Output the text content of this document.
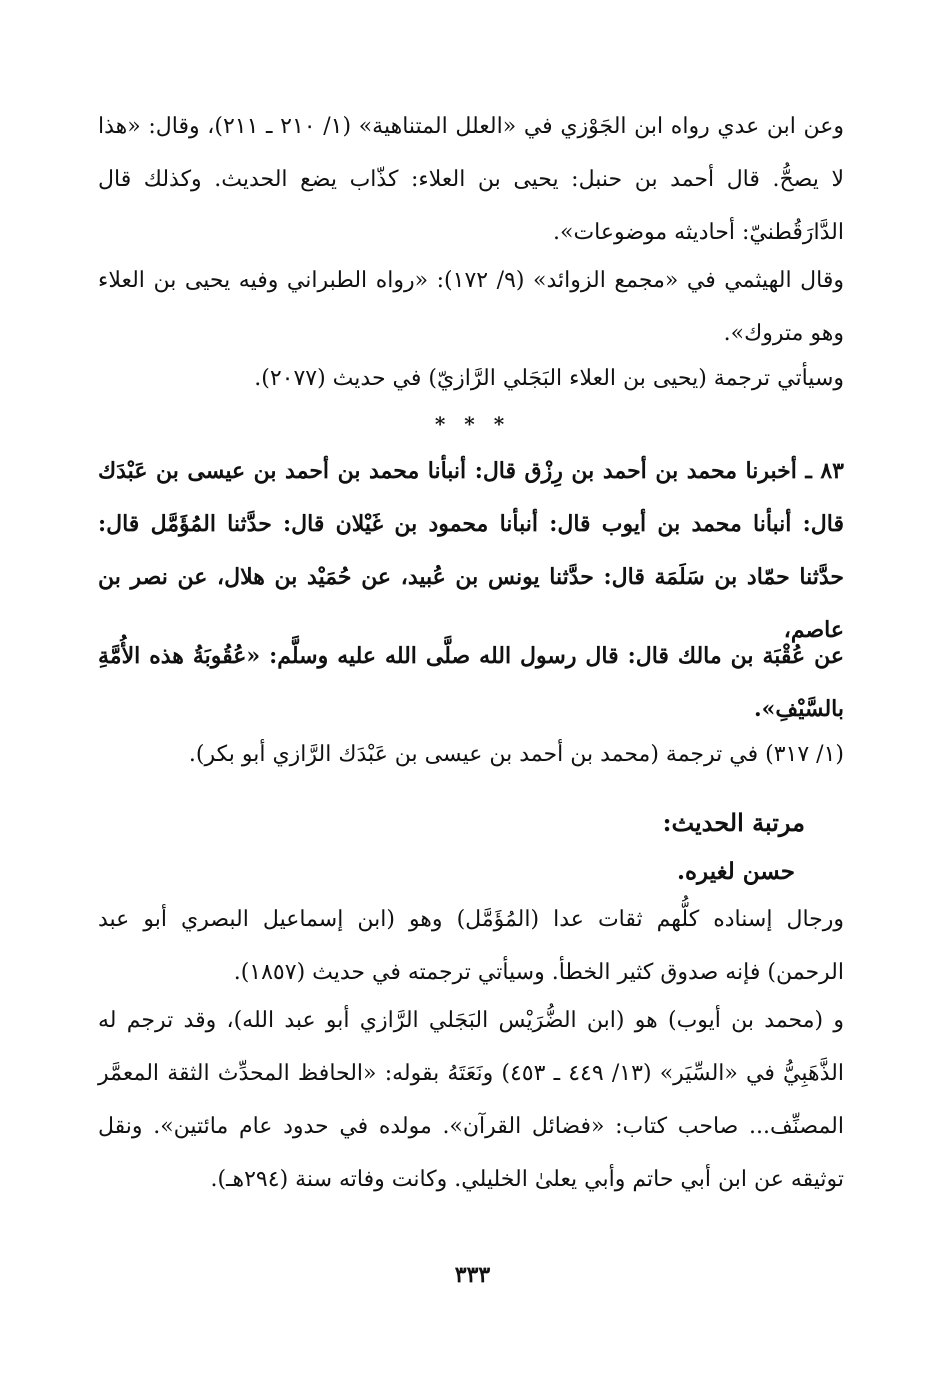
وعن ابن عدي رواه ابن الجَوْزي في «العلل المتناهية» (١/ ٢١٠ ـ ٢١١)، وقال: «هذا لا يصحُّ. قال أحمد بن حنبل: يحيى بن العلاء: كذّاب يضع الحديث. وكذلك قال الدَّارَقُطنيّ: أحاديثه موضوعات».

وقال الهيثمي في «مجمع الزوائد» (٩/ ١٧٢): «رواه الطبراني وفيه يحيى بن العلاء وهو متروك».

وسيأتي ترجمة (يحيى بن العلاء البَجَلي الرَّازيّ) في حديث (٢٠٧٧).

* * *

٨٣ ـ أخبرنا محمد بن أحمد بن رِزْق قال: أنبأنا محمد بن أحمد بن عيسى بن عَبْدَك قال: أنبأنا محمد بن أيوب قال: أنبأنا محمود بن غَيْلان قال: حدَّثنا المُؤَمَّل قال: حدَّثنا حمّاد بن سَلَمَة قال: حدَّثنا يونس بن عُبيد، عن حُمَيْد بن هلال، عن نصر بن عاصم،

عن عُقْبَة بن مالك قال: قال رسول الله صلَّى الله عليه وسلَّم: «عُقُوبَةُ هذه الأُمَّةِ بالسَّيْفِ».

(١/ ٣١٧) في ترجمة (محمد بن أحمد بن عيسى بن عَبْدَك الرَّازي أبو بكر).

مرتبة الحديث:
حسن لغيره.

ورجال إسناده كلُّهم ثقات عدا (المُؤَمَّل) وهو (ابن إسماعيل البصري أبو عبد الرحمن) فإنه صدوق كثير الخطأ. وسيأتي ترجمته في حديث (١٨٥٧).

و (محمد بن أيوب) هو (ابن الضُّرَيْس البَجَلي الرَّازي أبو عبد الله)، وقد ترجم له الذَّهَبِيُّ في «السِّيَر» (١٣/ ٤٤٩ ـ ٤٥٣) ونَعَتَهُ بقوله: «الحافظ المحدِّث الثقة المعمَّر المصنِّف... صاحب كتاب: «فضائل القرآن». مولده في حدود عام مائتين». ونقل توثيقه عن ابن أبي حاتم وأبي يعلىٰ الخليلي. وكانت وفاته سنة (٢٩٤هـ).

٣٣٣
